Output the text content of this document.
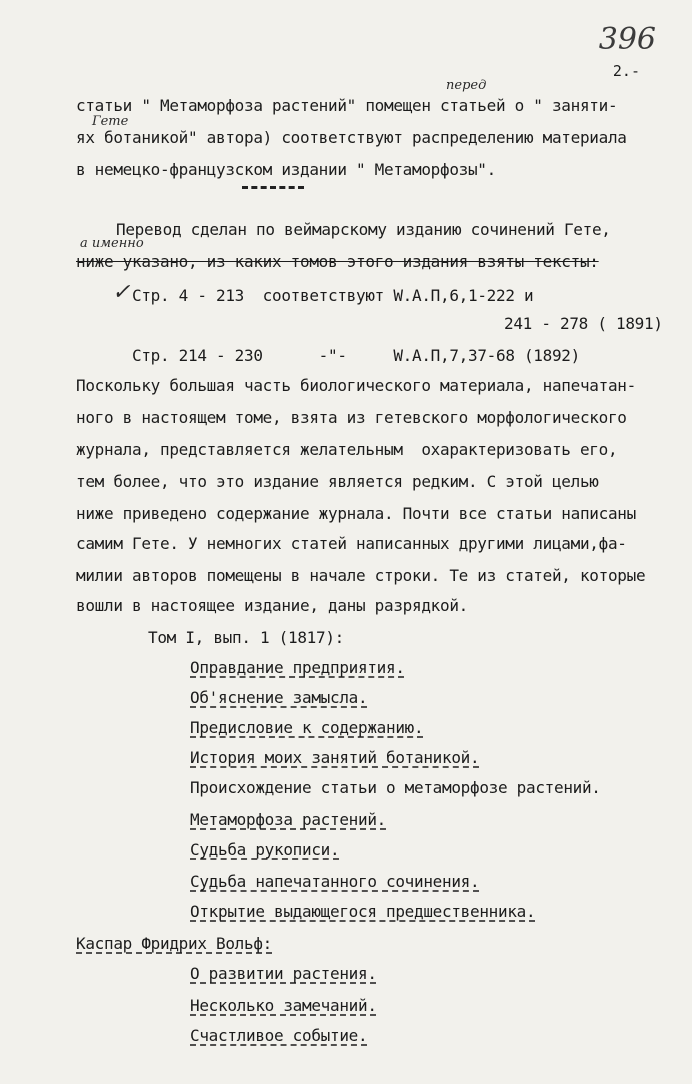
396
2.-
перед
статьи " Метаморфоза растений" помещен статьей о " заняти-
Гете
ях ботаникой" автора) соответствуют распределению материала
в немецко-французском издании " Метаморфозы".
Перевод сделан по веймарскому изданию сочинений Гете,
а именно
ниже указано, из каких томов этого издания взяты тексты:
✓ Стр. 4 - 213  соответствуют W.A.П,6,1-222 и
241 - 278 ( 1891)
Стр. 214 - 230      -"-     W.A.П,7,37-68 (1892)
Поскольку большая часть биологического материала, напечатан-
ного в настоящем томе, взята из гетевского морфологического
журнала, представляется желательным  охарактеризовать его,
тем более, что это издание является редким. С этой целью
ниже приведено содержание журнала. Почти все статьи написаны
самим Гете. У немногих статей написанных другими лицами,фа-
милии авторов помещены в начале строки. Те из статей, которые
вошли в настоящее издание, даны разрядкой.
Том I, вып. 1 (1817):
Оправдание предприятия.
Об'яснение замысла.
Предисловие к содержанию.
История моих занятий ботаникой.
Происхождение статьи о метаморфозе растений.
Метаморфоза растений.
Судьба рукописи.
Судьба напечатанного сочинения.
Открытие выдающегося предшественника.
Каспар Фридрих Вольф:
О развитии растения.
Несколько замечаний.
Счастливое событие.
